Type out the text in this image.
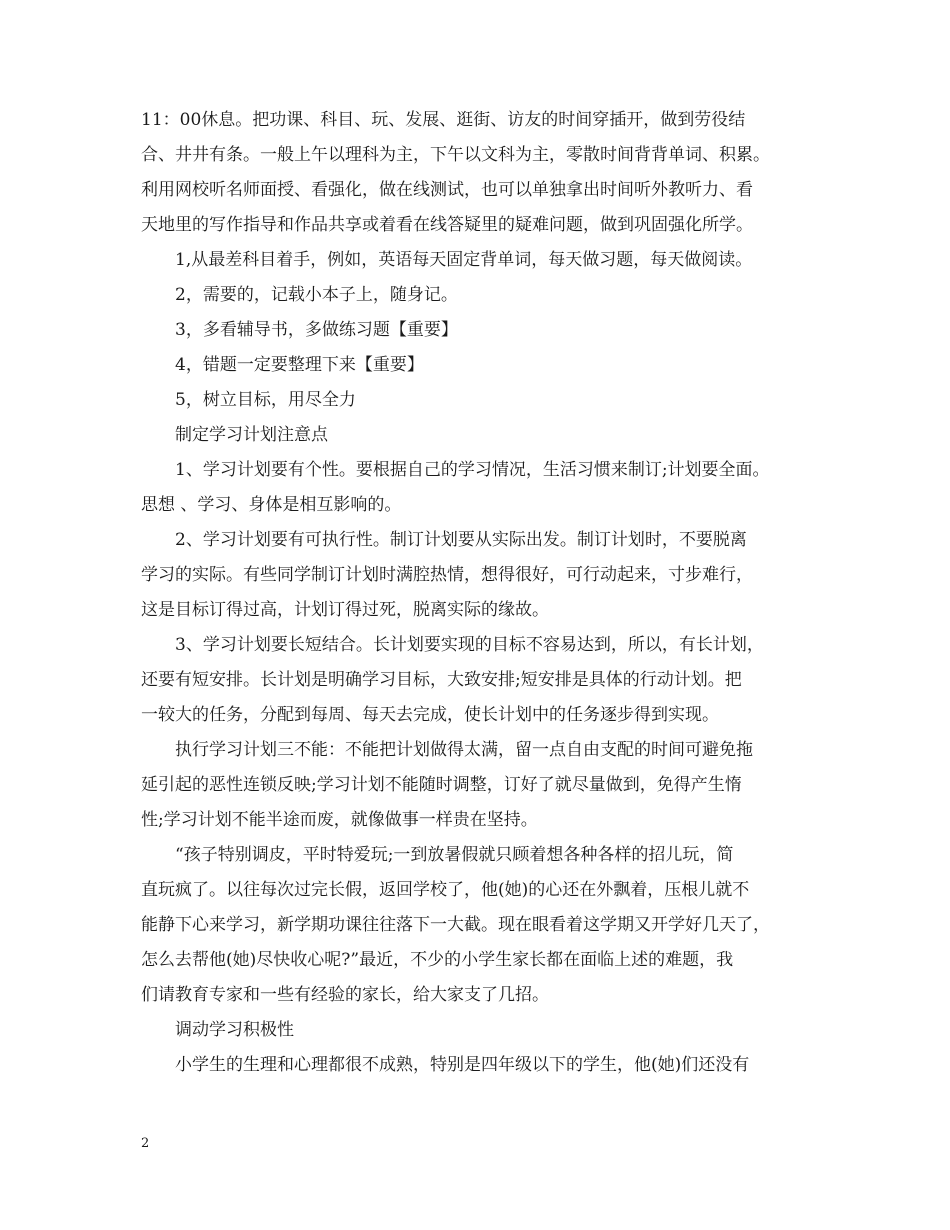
11：00休息。把功课、科目、玩、发展、逛街、访友的时间穿插开，做到劳役结
合、井井有条。一般上午以理科为主，下午以文科为主，零散时间背背单词、积累。
利用网校听名师面授、看强化，做在线测试，也可以单独拿出时间听外教听力、看
天地里的写作指导和作品共享或着看在线答疑里的疑难问题，做到巩固强化所学。
1,从最差科目着手，例如，英语每天固定背单词，每天做习题，每天做阅读。
2，需要的，记载小本子上，随身记。
3，多看辅导书，多做练习题【重要】
4，错题一定要整理下来【重要】
5，树立目标，用尽全力
制定学习计划注意点
1、学习计划要有个性。要根据自己的学习情况，生活习惯来制订;计划要全面。
思想 、学习、身体是相互影响的。
2、学习计划要有可执行性。制订计划要从实际出发。制订计划时，不要脱离
学习的实际。有些同学制订计划时满腔热情，想得很好，可行动起来，寸步难行，
这是目标订得过高，计划订得过死，脱离实际的缘故。
3、学习计划要长短结合。长计划要实现的目标不容易达到，所以，有长计划，
还要有短安排。长计划是明确学习目标，大致安排;短安排是具体的行动计划。把
一较大的任务，分配到每周、每天去完成，使长计划中的任务逐步得到实现。
执行学习计划三不能：不能把计划做得太满，留一点自由支配的时间可避免拖
延引起的恶性连锁反映;学习计划不能随时调整，订好了就尽量做到，免得产生惰
性;学习计划不能半途而废，就像做事一样贵在坚持。
“孩子特别调皮，平时特爱玩;一到放暑假就只顾着想各种各样的招儿玩，简
直玩疯了。以往每次过完长假，返回学校了，他(她)的心还在外飘着，压根儿就不
能静下心来学习，新学期功课往往落下一大截。现在眼看着这学期又开学好几天了，
怎么去帮他(她)尽快收心呢?”最近，不少的小学生家长都在面临上述的难题，我
们请教育专家和一些有经验的家长，给大家支了几招。
调动学习积极性
小学生的生理和心理都很不成熟，特别是四年级以下的学生，他(她)们还没有
2
